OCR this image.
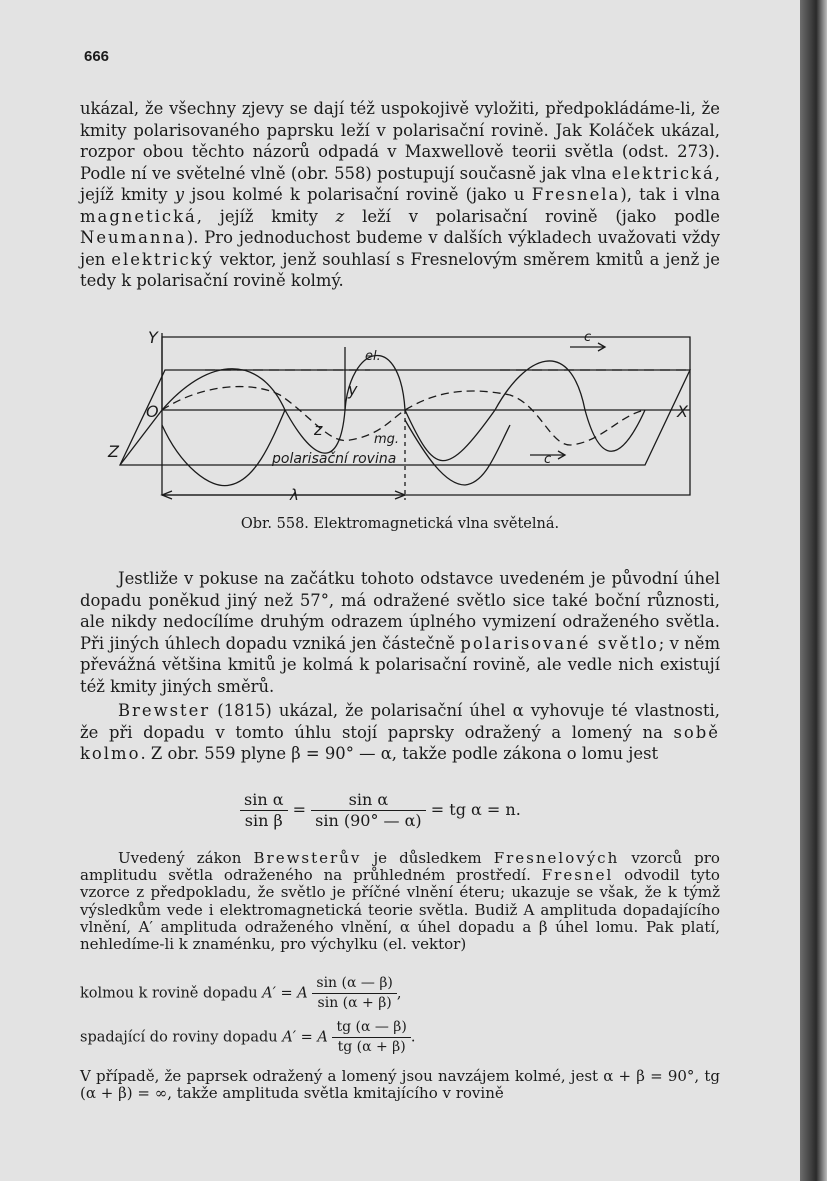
666

ukázal, že všechny zjevy se dají též uspokojivě vyložiti, předpokládáme-li, že kmity polarisovaného paprsku leží v polarisační rovině. Jak Koláček ukázal, rozpor obou těchto názorů odpadá v Maxwellově teorii světla (odst. 273). Podle ní ve světelné vlně (obr. 558) postupují současně jak vlna elektrická, jejíž kmity y jsou kolmé k polarisační rovině (jako u Fresnela), tak i vlna magnetická, jejíž kmity z leží v polarisační rovině (jako podle Neumanna). Pro jednoduchost budeme v dalších výkladech uvažovati vždy jen elektrický vektor, jenž souhlasí s Fresnelovým směrem kmitů a jenž je tedy k polarisační rovině kolmý.

Y
O
Z
X
el.
y
z
mg.
c
c
polarisační rovina
λ
Obr. 558. Elektromagnetická vlna světelná.

Jestliže v pokuse na začátku tohoto odstavce uvedeném je původní úhel dopadu poněkud jiný než 57°, má odražené světlo sice také boční různosti, ale nikdy nedocílíme druhým odrazem úplného vymizení odraženého světla. Při jiných úhlech dopadu vzniká jen částečně polarisované světlo; v něm převážná většina kmitů je kolmá k polarisační rovině, ale vedle nich existují též kmity jiných směrů.

Brewster (1815) ukázal, že polarisační úhel α vyhovuje té vlastnosti, že při dopadu v tomto úhlu stojí paprsky odražený a lomený na sobě kolmo. Z obr. 559 plyne β = 90° — α, takže podle zákona o lomu jest

$\frac{\text{sin α}}{\text{sin β}} = \frac{\text{sin α}}{\sin (90^\circ — \alpha)}$ = tg α = n.

Uvedený zákon Brewsterův je důsledkem Fresnelových vzorců pro amplitudu světla odraženého na průhledném prostředí. Fresnel odvodil tyto vzorce z předpokladu, že světlo je příčné vlnění éteru; ukazuje se však, že k týmž výsledkům vede i elektromagnetická teorie světla. Budiž A amplituda dopadajícího vlnění, A′ amplituda odraženého vlnění, α úhel dopadu a β úhel lomu. Pak platí, nehledíme-li k znaménku, pro výchylku (el. vektor)

kolmou k rovině dopadu A′ = A $\frac{\sin (\alpha — \beta)}{\sin (\alpha + \beta)}$ ,
spadající do roviny dopadu A′ = A $\frac{tg (\alpha — \beta)}{tg (\alpha + \beta)}$ .

V případě, že paprsek odražený a lomený jsou navzájem kolmé, jest α + β = 90°, tg (α + β) = ∞, takže amplituda světla kmitajícího v rovině
